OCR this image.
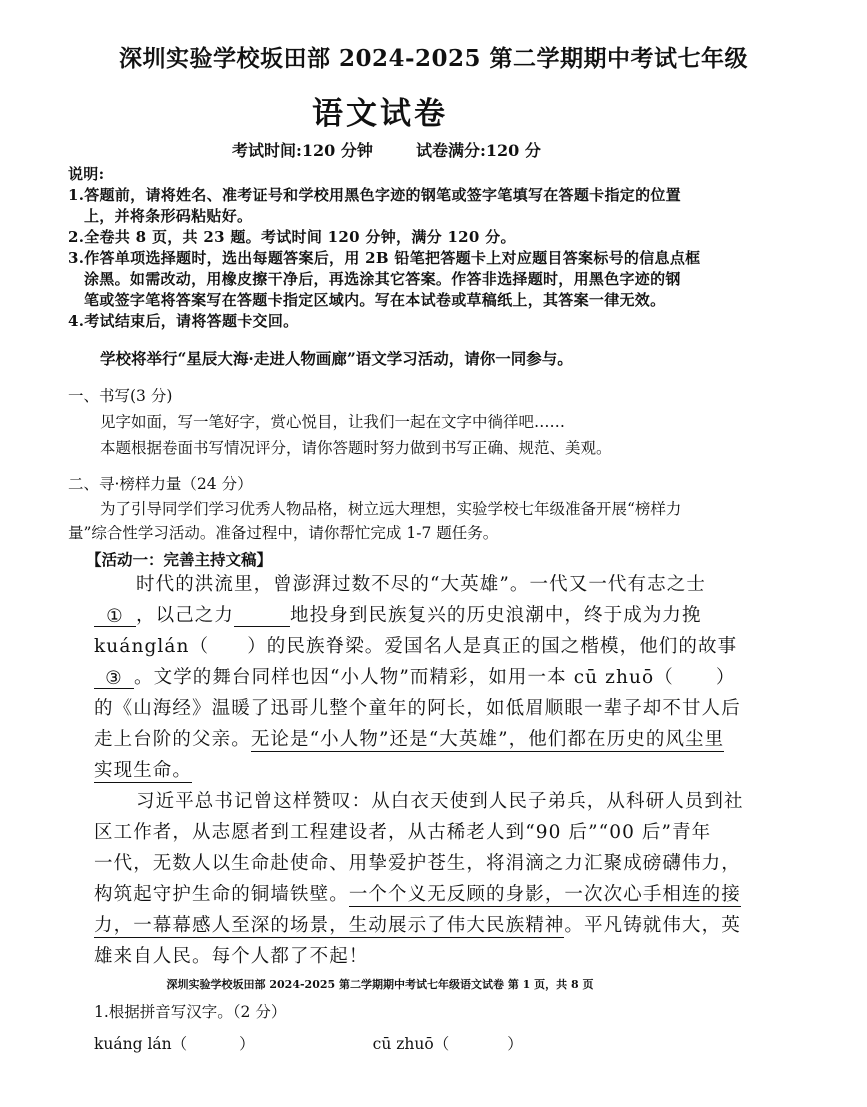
深圳实验学校坂田部 2024-2025 第二学期期中考试七年级
语文试卷
考试时间:120 分钟	试卷满分:120 分
说明:
1.答题前，请将姓名、准考证号和学校用黑色字迹的钢笔或签字笔填写在答题卡指定的位置
上，并将条形码粘贴好。
2.全卷共 8 页，共 23 题。考试时间 120 分钟，满分 120 分。
3.作答单项选择题时，选出每题答案后，用 2B 铅笔把答题卡上对应题目答案标号的信息点框
涂黑。如需改动，用橡皮擦干净后，再选涂其它答案。作答非选择题时，用黑色字迹的钢
笔或签字笔将答案写在答题卡指定区域内。写在本试卷或草稿纸上，其答案一律无效。
4.考试结束后，请将答题卡交回。
学校将举行“星辰大海·走进人物画廊”语文学习活动，请你一同参与。
一、书写(3 分)
见字如面，写一笔好字，赏心悦目，让我们一起在文字中徜徉吧……
本题根据卷面书写情况评分，请你答题时努力做到书写正确、规范、美观。
二、寻·榜样力量（24 分）
为了引导同学们学习优秀人物品格，树立远大理想，实验学校七年级准备开展“榜样力
量”综合性学习活动。准备过程中，请你帮忙完成 1-7 题任务。
【活动一：完善主持文稿】
时代的洪流里，曾澎湃过数不尽的“大英雄”。一代又一代有志之士
① ，以己之力	地投身到民族复兴的历史浪潮中，终于成为力挽
kuánglán（ ）的民族脊梁。爱国名人是真正的国之楷模，他们的故事
③ 。文学的舞台同样也因“小人物”而精彩，如用一本 cū zhuō（ ）
的《山海经》温暖了迅哥儿整个童年的阿长，如低眉顺眼一辈子却不甘人后
走上台阶的父亲。无论是“小人物”还是“大英雄”，他们都在历史的风尘里
实现生命。
习近平总书记曾这样赞叹：从白衣天使到人民子弟兵，从科研人员到社
区工作者，从志愿者到工程建设者，从古稀老人到“90 后”“00 后”青年
一代，无数人以生命赴使命、用挚爱护苍生，将涓滴之力汇聚成磅礴伟力，
构筑起守护生命的铜墙铁壁。一个个义无反顾的身影，一次次心手相连的接
力，一幕幕感人至深的场景，生动展示了伟大民族精神。平凡铸就伟大，英
雄来自人民。每个人都了不起！
深圳实验学校坂田部 2024-2025 第二学期期中考试七年级语文试卷 第 1 页，共 8 页
1.根据拼音写汉字。（2 分）
kuáng lán（	）	cū zhuō（	）
